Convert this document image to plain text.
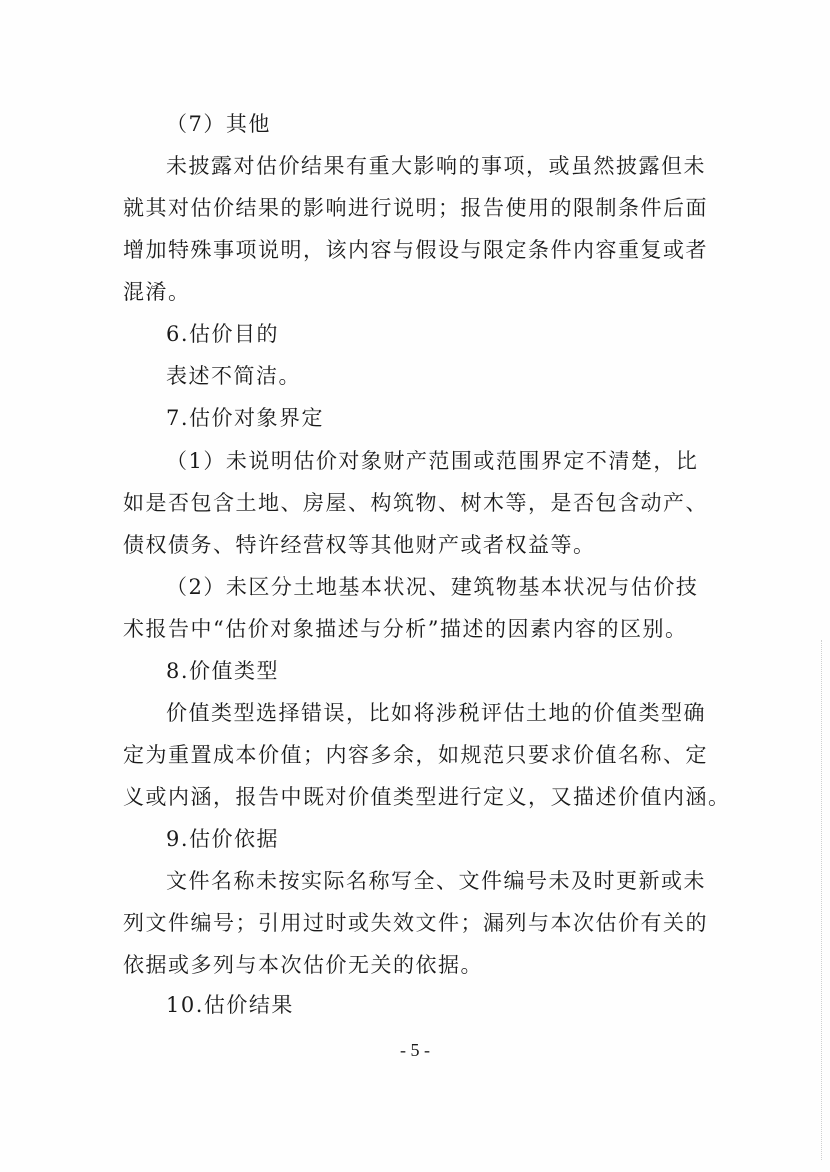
（7）其他
未披露对估价结果有重大影响的事项，或虽然披露但未
就其对估价结果的影响进行说明；报告使用的限制条件后面
增加特殊事项说明，该内容与假设与限定条件内容重复或者
混淆。
6.估价目的
表述不简洁。
7.估价对象界定
（1）未说明估价对象财产范围或范围界定不清楚，比
如是否包含土地、房屋、构筑物、树木等，是否包含动产、
债权债务、特许经营权等其他财产或者权益等。
（2）未区分土地基本状况、建筑物基本状况与估价技
术报告中“估价对象描述与分析”描述的因素内容的区别。
8.价值类型
价值类型选择错误，比如将涉税评估土地的价值类型确
定为重置成本价值；内容多余，如规范只要求价值名称、定
义或内涵，报告中既对价值类型进行定义，又描述价值内涵。
9.估价依据
文件名称未按实际名称写全、文件编号未及时更新或未
列文件编号；引用过时或失效文件；漏列与本次估价有关的
依据或多列与本次估价无关的依据。
10.估价结果
- 5 -
